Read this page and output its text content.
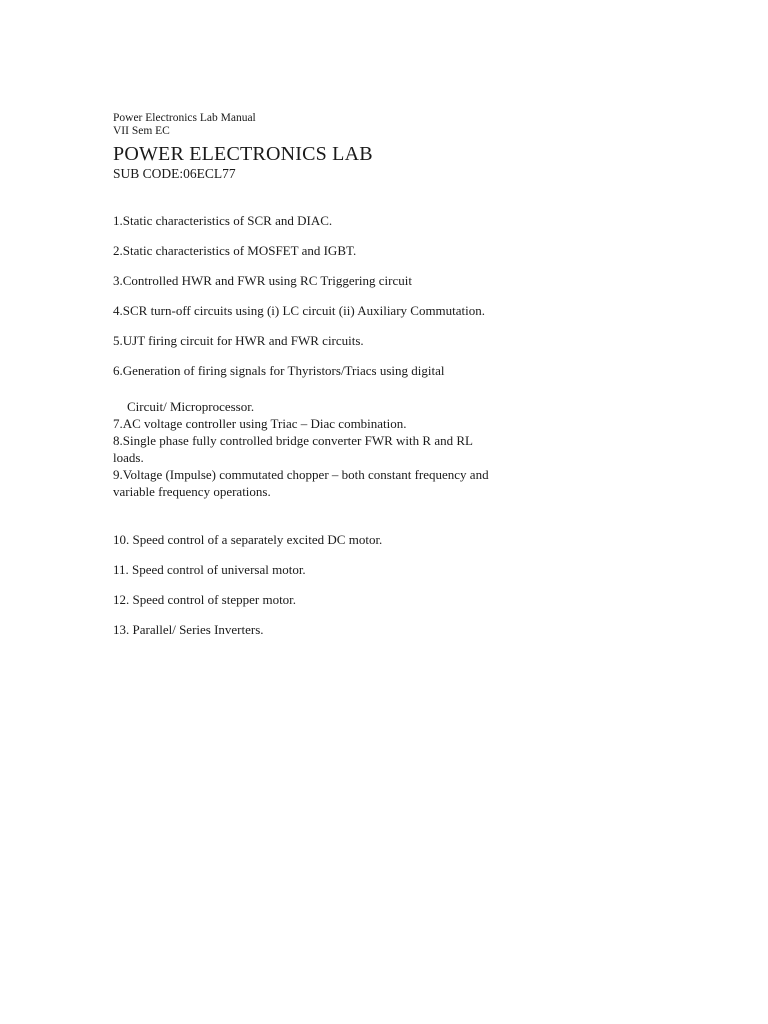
Power Electronics Lab Manual
VII Sem EC
POWER ELECTRONICS LAB
SUB CODE:06ECL77
1.Static characteristics of SCR and DIAC.
2.Static characteristics of MOSFET and IGBT.
3.Controlled HWR and FWR using RC Triggering circuit
4.SCR turn-off circuits using (i) LC circuit (ii) Auxiliary Commutation.
5.UJT firing circuit for HWR and FWR circuits.
6.Generation of firing signals for Thyristors/Triacs using digital
Circuit/ Microprocessor.
7.AC voltage controller using Triac – Diac combination.
8.Single phase fully controlled bridge converter FWR with R and RL
loads.
9.Voltage (Impulse) commutated chopper – both constant frequency and
variable frequency operations.
10. Speed control of a separately excited DC motor.
11. Speed control of universal motor.
12. Speed control of stepper motor.
13. Parallel/ Series Inverters.
